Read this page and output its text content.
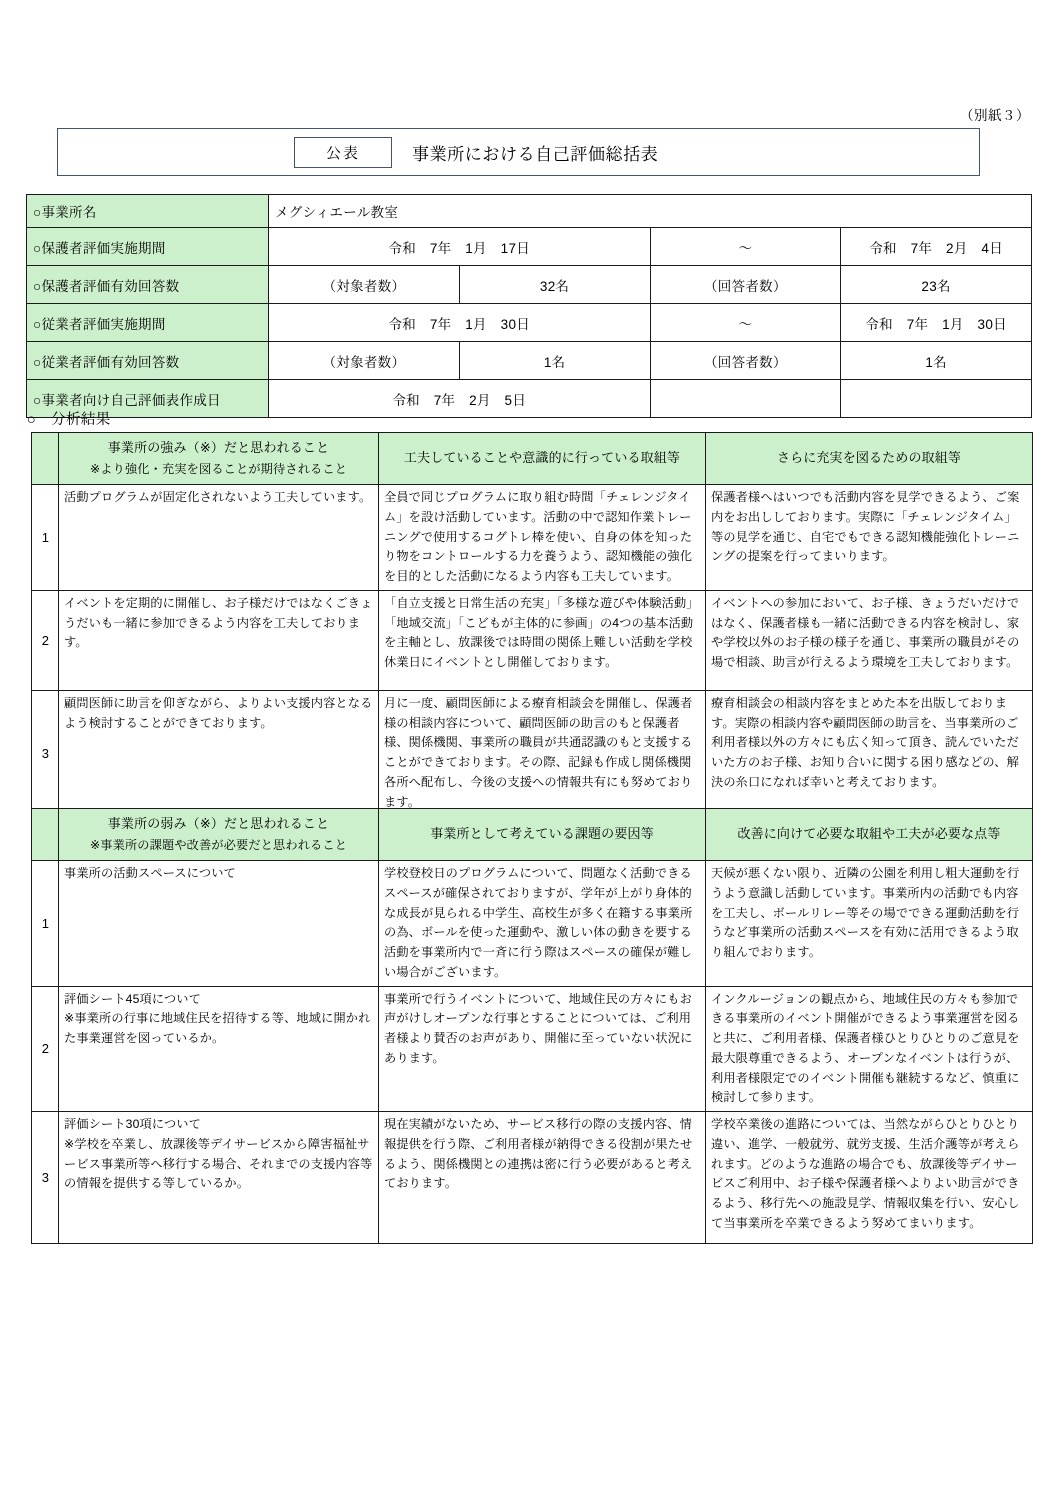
（別紙３）
公表	事業所における自己評価総括表
○事業所名	メグシィエール教室			
○保護者評価実施期間	令和　7年　1月　17日		〜	令和　7年　2月　4日
○保護者評価有効回答数	（対象者数）	32名	（回答者数）	23名
○従業者評価実施期間	令和　7年　1月　30日		〜	令和　7年　1月　30日
○従業者評価有効回答数	（対象者数）	1名	（回答者数）	1名
○事業者向け自己評価表作成日	令和　7年　2月　5日			
○　分析結果
	事業所の強み（※）だと思われること
※より強化・充実を図ることが期待されること	工夫していることや意識的に行っている取組等	さらに充実を図るための取組等
1	活動プログラムが固定化されないよう工夫しています。	全員で同じプログラムに取り組む時間「チェレンジタイム」を設け活動しています。活動の中で認知作業トレーニングで使用するコグトレ棒を使い、自身の体を知ったり物をコントロールする力を養うよう、認知機能の強化を目的とした活動になるよう内容も工夫しています。	保護者様へはいつでも活動内容を見学できるよう、ご案内をお出ししております。実際に「チェレンジタイム」等の見学を通じ、自宅でもできる認知機能強化トレーニングの提案を行ってまいります。
2	イベントを定期的に開催し、お子様だけではなくごきょうだいも一緒に参加できるよう内容を工夫しております。	「自立支援と日常生活の充実」「多様な遊びや体験活動」「地域交流」「こどもが主体的に参画」の4つの基本活動を主軸とし、放課後では時間の関係上難しい活動を学校休業日にイベントとし開催しております。	イベントへの参加において、お子様、きょうだいだけではなく、保護者様も一緒に活動できる内容を検討し、家や学校以外のお子様の様子を通じ、事業所の職員がその場で相談、助言が行えるよう環境を工夫しております。
3	顧問医師に助言を仰ぎながら、よりよい支援内容となるよう検討することができております。	月に一度、顧問医師による療育相談会を開催し、保護者様の相談内容について、顧問医師の助言のもと保護者様、関係機関、事業所の職員が共通認識のもと支援することができております。その際、記録も作成し関係機関各所へ配布し、今後の支援への情報共有にも努めております。	療育相談会の相談内容をまとめた本を出版しております。実際の相談内容や顧問医師の助言を、当事業所のご利用者様以外の方々にも広く知って頂き、読んでいただいた方のお子様、お知り合いに関する困り感などの、解決の糸口になれば幸いと考えております。
	事業所の弱み（※）だと思われること
※事業所の課題や改善が必要だと思われること	事業所として考えている課題の要因等	改善に向けて必要な取組や工夫が必要な点等
1	事業所の活動スペースについて	学校登校日のプログラムについて、問題なく活動できるスペースが確保されておりますが、学年が上がり身体的な成長が見られる中学生、高校生が多く在籍する事業所の為、ボールを使った運動や、激しい体の動きを要する活動を事業所内で一斉に行う際はスペースの確保が難しい場合がございます。	天候が悪くない限り、近隣の公園を利用し粗大運動を行うよう意識し活動しています。事業所内の活動でも内容を工夫し、ボールリレー等その場でできる運動活動を行うなど事業所の活動スペースを有効に活用できるよう取り組んでおります。
2	評価シート45項について
※事業所の行事に地域住民を招待する等、地域に開かれた事業運営を図っているか。	事業所で行うイベントについて、地域住民の方々にもお声がけしオープンな行事とすることについては、ご利用者様より賛否のお声があり、開催に至っていない状況にあります。	インクルージョンの観点から、地域住民の方々も参加できる事業所のイベント開催ができるよう事業運営を図ると共に、ご利用者様、保護者様ひとりひとりのご意見を最大限尊重できるよう、オープンなイベントは行うが、利用者様限定でのイベント開催も継続するなど、慎重に検討して参ります。
3	評価シート30項について
※学校を卒業し、放課後等デイサービスから障害福祉サービス事業所等へ移行する場合、それまでの支援内容等の情報を提供する等しているか。	現在実績がないため、サービス移行の際の支援内容、情報提供を行う際、ご利用者様が納得できる役割が果たせるよう、関係機関との連携は密に行う必要があると考えております。	学校卒業後の進路については、当然ながらひとりひとり違い、進学、一般就労、就労支援、生活介護等が考えられます。どのような進路の場合でも、放課後等デイサービスご利用中、お子様や保護者様へよりよい助言ができるよう、移行先への施設見学、情報収集を行い、安心して当事業所を卒業できるよう努めてまいります。
